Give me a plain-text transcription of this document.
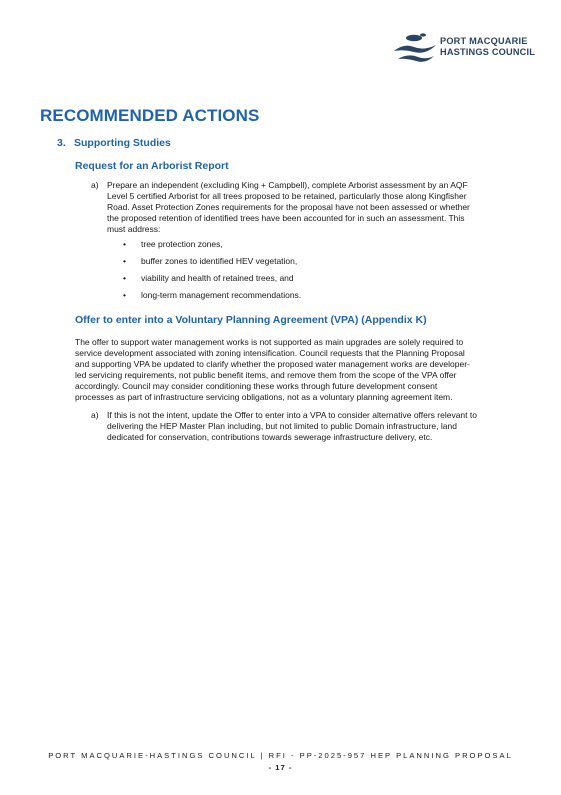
PORT MACQUARIE
HASTINGS COUNCIL
RECOMMENDED ACTIONS
3. Supporting Studies
Request for an Arborist Report
a) Prepare an independent (excluding King + Campbell), complete Arborist assessment by an AQF
Level 5 certified Arborist for all trees proposed to be retained, particularly those along Kingfisher
Road. Asset Protection Zones requirements for the proposal have not been assessed or whether
the proposed retention of identified trees have been accounted for in such an assessment. This
must address:
• tree protection zones,
• buffer zones to identified HEV vegetation,
• viability and health of retained trees, and
• long-term management recommendations.
Offer to enter into a Voluntary Planning Agreement (VPA) (Appendix K)
The offer to support water management works is not supported as main upgrades are solely required to
service development associated with zoning intensification. Council requests that the Planning Proposal
and supporting VPA be updated to clarify whether the proposed water management works are developer-
led servicing requirements, not public benefit items, and remove them from the scope of the VPA offer
accordingly. Council may consider conditioning these works through future development consent
processes as part of infrastructure servicing obligations, not as a voluntary planning agreement item.
a) If this is not the intent, update the Offer to enter into a VPA to consider alternative offers relevant to
delivering the HEP Master Plan including, but not limited to public Domain infrastructure, land
dedicated for conservation, contributions towards sewerage infrastructure delivery, etc.
PORT MACQUARIE-HASTINGS COUNCIL | RFI - PP-2025-957 HEP PLANNING PROPOSAL
- 17 -
